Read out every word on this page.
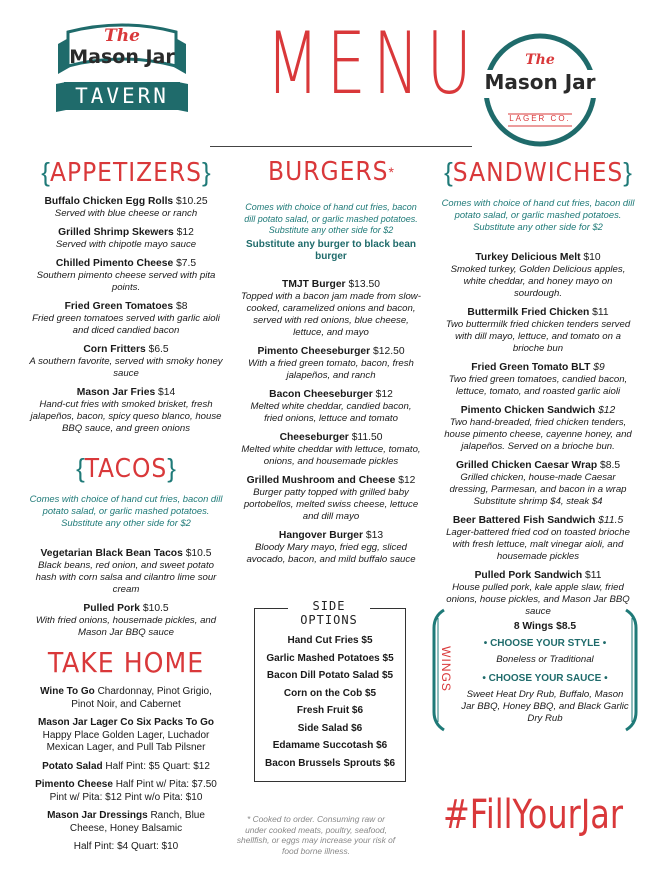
The
Mason Jar
TAVERN MENU	The
Mason Jar
LAGER CO.
{APPETIZERS}
Buffalo Chicken Egg Rolls $10.25
Served with blue cheese or ranch
Grilled Shrimp Skewers $12
Served with chipotle mayo sauce
Chilled Pimento Cheese $7.5
Southern pimento cheese served with pita points.
Fried Green Tomatoes $8
Fried green tomatoes served with garlic aioli and diced candied bacon
Corn Fritters $6.5
A southern favorite, served with smoky honey sauce
Mason Jar Fries $14
Hand-cut fries with smoked brisket, fresh jalapeños, bacon, spicy queso blanco, house BBQ sauce, and green onions
{TACOS}
Comes with choice of hand cut fries, bacon dill potato salad, or garlic mashed potatoes. Substitute any other side for $2
Vegetarian Black Bean Tacos $10.5
Black beans, red onion, and sweet potato hash with corn salsa and cilantro lime sour cream
Pulled Pork $10.5
With fried onions, housemade pickles, and Mason Jar BBQ sauce
TAKE HOME
Wine To Go Chardonnay, Pinot Grigio, Pinot Noir, and Cabernet
Mason Jar Lager Co Six Packs To Go Happy Place Golden Lager, Luchador Mexican Lager, and Pull Tab Pilsner
Potato Salad Half Pint: $5 Quart: $12
Pimento Cheese Half Pint w/ Pita: $7.50 Pint w/ Pita: $12 Pint w/o Pita: $10
Mason Jar Dressings Ranch, Blue Cheese, Honey Balsamic
Half Pint: $4 Quart: $10
BURGERS*
Comes with choice of hand cut fries, bacon dill potato salad, or garlic mashed potatoes. Substitute any other side for $2
Substitute any burger to black bean burger
TMJT Burger $13.50
Topped with a bacon jam made from slow-cooked, caramelized onions and bacon, served with red onions, blue cheese, lettuce, and mayo
Pimento Cheeseburger $12.50
With a fried green tomato, bacon, fresh jalapeños, and ranch
Bacon Cheeseburger $12
Melted white cheddar, candied bacon, fried onions, lettuce and tomato
Cheeseburger $11.50
Melted white cheddar with lettuce, tomato, onions, and housemade pickles
Grilled Mushroom and Cheese $12
Burger patty topped with grilled baby portobellos, melted swiss cheese, lettuce and dill mayo
Hangover Burger $13
Bloody Mary mayo, fried egg, sliced avocado, bacon, and mild buffalo sauce
SIDE OPTIONS
Hand Cut Fries $5
Garlic Mashed Potatoes $5
Bacon Dill Potato Salad $5
Corn on the Cob $5
Fresh Fruit $6
Side Salad $6
Edamame Succotash $6
Bacon Brussels Sprouts $6
* Cooked to order. Consuming raw or under cooked meats, poultry, seafood, shellfish, or eggs may increase your risk of food borne illness.
{SANDWICHES}
Comes with choice of hand cut fries, bacon dill potato salad, or garlic mashed potatoes. Substitute any other side for $2
Turkey Delicious Melt $10
Smoked turkey, Golden Delicious apples, white cheddar, and honey mayo on sourdough.
Buttermilk Fried Chicken $11
Two buttermilk fried chicken tenders served with dill mayo, lettuce, and tomato on a brioche bun
Fried Green Tomato BLT $9
Two fried green tomatoes, candied bacon, lettuce, tomato, and roasted garlic aioli
Pimento Chicken Sandwich $12
Two hand-breaded, fried chicken tenders, house pimento cheese, cayenne honey, and jalapeños. Served on a brioche bun.
Grilled Chicken Caesar Wrap $8.5
Grilled chicken, house-made Caesar dressing, Parmesan, and bacon in a wrap Substitute shrimp $4, steak $4
Beer Battered Fish Sandwich $11.5
Lager-battered fried cod on toasted brioche with fresh lettuce, malt vinegar aioli, and housemade pickles
Pulled Pork Sandwich $11
House pulled pork, kale apple slaw, fried onions, house pickles, and Mason Jar BBQ sauce
WINGS
8 Wings $8.5
• CHOOSE YOUR STYLE •
Boneless or Traditional
• CHOOSE YOUR SAUCE •
Sweet Heat Dry Rub, Buffalo, Mason Jar BBQ, Honey BBQ, and Black Garlic Dry Rub
#FillYourJar
